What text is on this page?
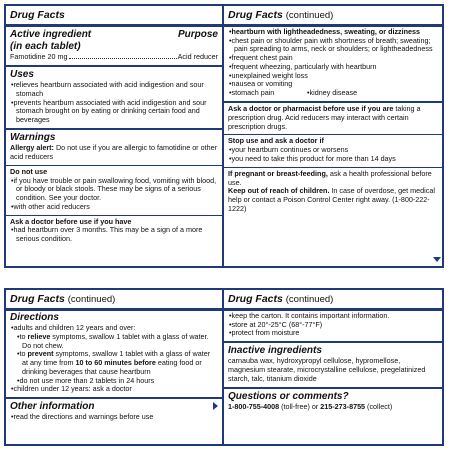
Drug Facts
Active ingredient	Purpose
(in each tablet)
Famotidine 20 mg	Acid reducer
Uses
• relieves heartburn associated with acid indigestion and sour stomach
• prevents heartburn associated with acid indigestion and sour stomach brought on by eating or drinking certain food and beverages
Warnings
Allergy alert: Do not use if you are allergic to famotidine or other acid reducers
Do not use
• if you have trouble or pain swallowing food, vomiting with blood, or bloody or black stools. These may be signs of a serious condition. See your doctor.
• with other acid reducers
Ask a doctor before use if you have
• had heartburn over 3 months. This may be a sign of a more serious condition.
Drug Facts (continued)
• heartburn with lightheadedness, sweating, or dizziness
• chest pain or shoulder pain with shortness of breath; sweating; pain spreading to arms, neck or shoulders; or lightheadedness
• frequent chest pain
• frequent wheezing, particularly with heartburn
• unexplained weight loss
• nausea or vomiting
• stomach pain
•	kidney disease
Ask a doctor or pharmacist before use if you are taking a prescription drug. Acid reducers may interact with certain prescription drugs.
Stop use and ask a doctor if
• your heartburn continues or worsens
• you need to take this product for more than 14 days
If pregnant or breast-feeding, ask a health professional before use.
Keep out of reach of children. In case of overdose, get medical help or contact a Poison Control Center right away. (1-800-222-1222)
Drug Facts (continued)
Directions
• adults and children 12 years and over:
• to relieve symptoms, swallow 1 tablet with a glass of water. Do not chew.
• to prevent symptoms, swallow 1 tablet with a glass of water at any time from 10 to 60 minutes before eating food or drinking beverages that cause heartburn
• do not use more than 2 tablets in 24 hours
• children under 12 years: ask a doctor
Other information
• read the directions and warnings before use
Drug Facts (continued)
• keep the carton. It contains important information.
• store at 20°-25°C (68°-77°F)
• protect from moisture
Inactive ingredients
carnauba wax, hydroxypropyl cellulose, hypromellose, magnesium stearate, microcrystalline cellulose, pregelatinized starch, talc, titanium dioxide
Questions or comments?
1-800-755-4008 (toll-free) or 215-273-8755 (collect)
